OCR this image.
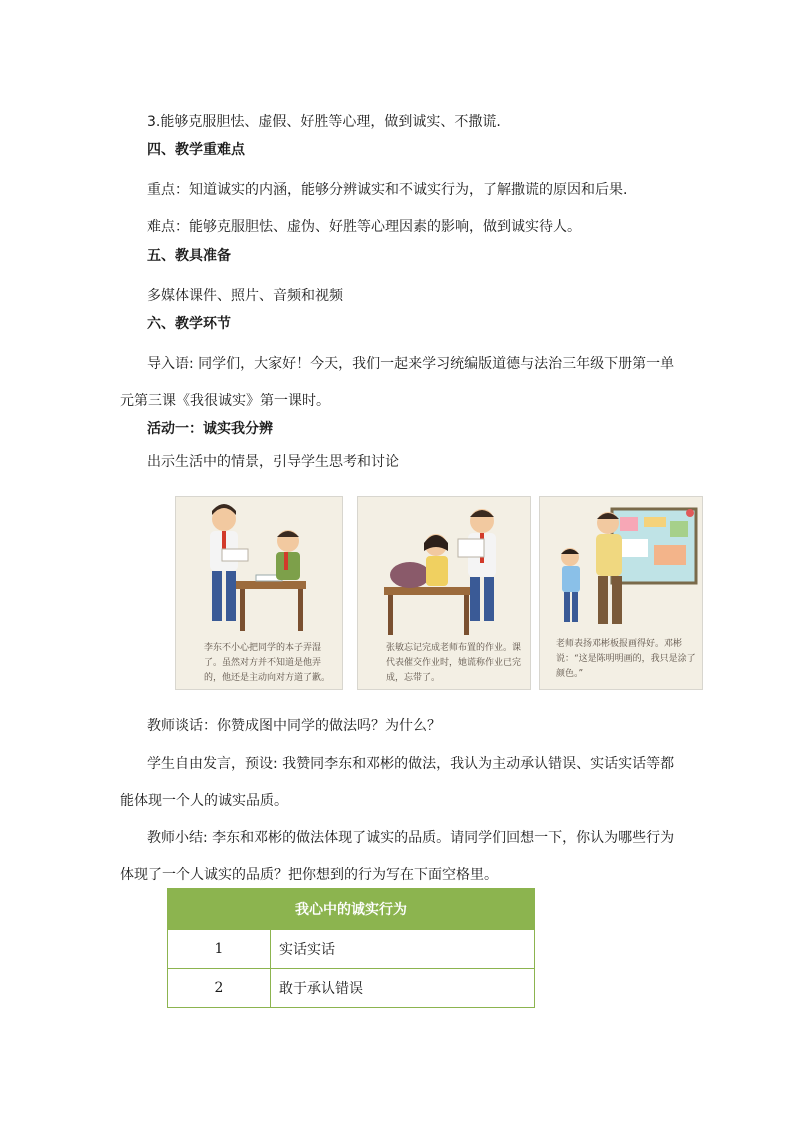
3.能够克服胆怯、虚假、好胜等心理，做到诚实、不撒谎.
四、教学重难点
重点：知道诚实的内涵，能够分辨诚实和不诚实行为，了解撒谎的原因和后果.
难点：能够克服胆怯、虚伪、好胜等心理因素的影响，做到诚实待人。
五、教具准备
多媒体课件、照片、音频和视频
六、教学环节
导入语: 同学们，大家好！今天，我们一起来学习统编版道德与法治三年级下册第一单
元第三课《我很诚实》第一课时。
活动一：诚实我分辨
出示生活中的情景，引导学生思考和讨论
李东不小心把同学的本子弄湿了。虽然对方并不知道是他弄的，他还是主动向对方道了歉。
张敏忘记完成老师布置的作业。课代表催交作业时，她谎称作业已完成，忘带了。
老师表扬邓彬板报画得好。邓彬说：“这是陈明明画的，我只是涂了颜色。”
教师谈话：你赞成图中同学的做法吗？为什么？
学生自由发言，预设: 我赞同李东和邓彬的做法，我认为主动承认错误、实话实话等都
能体现一个人的诚实品质。
教师小结: 李东和邓彬的做法体现了诚实的品质。请同学们回想一下，你认为哪些行为
体现了一个人诚实的品质？把你想到的行为写在下面空格里。
我心中的诚实行为	
1	实话实话
2	敢于承认错误
